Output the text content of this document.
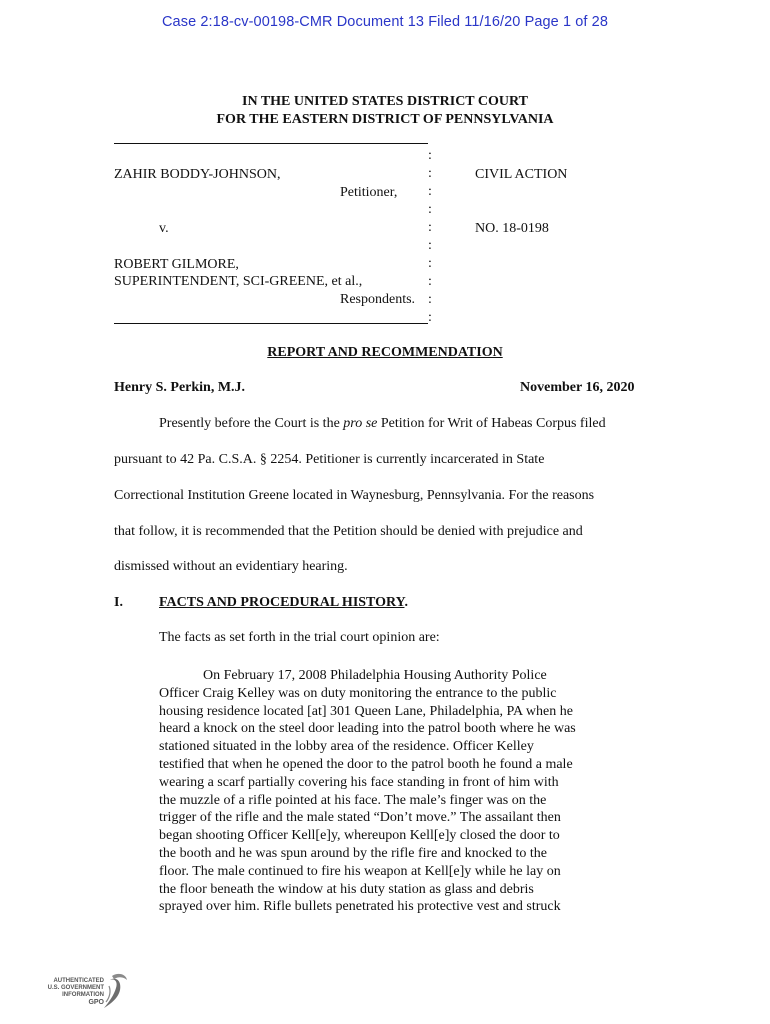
Case 2:18-cv-00198-CMR Document 13 Filed 11/16/20 Page 1 of 28
IN THE UNITED STATES DISTRICT COURT
FOR THE EASTERN DISTRICT OF PENNSYLVANIA
:
:
:
:
:
:
:
:
:
:
ZAHIR BODDY-JOHNSON,
Petitioner,
v.
ROBERT GILMORE,
SUPERINTENDENT, SCI-GREENE, et al.,
Respondents.
CIVIL ACTION
NO. 18-0198
REPORT AND RECOMMENDATION
Henry S. Perkin, M.J.	November 16, 2020
Presently before the Court is the pro se Petition for Writ of Habeas Corpus filed
pursuant to 42 Pa. C.S.A. § 2254. Petitioner is currently incarcerated in State
Correctional Institution Greene located in Waynesburg, Pennsylvania. For the reasons
that follow, it is recommended that the Petition should be denied with prejudice and
dismissed without an evidentiary hearing.
I.	FACTS AND PROCEDURAL HISTORY.
The facts as set forth in the trial court opinion are:

On February 17, 2008 Philadelphia Housing Authority Police

Officer Craig Kelley was on duty monitoring the entrance to the public

housing residence located [at] 301 Queen Lane, Philadelphia, PA when he

heard a knock on the steel door leading into the patrol booth where he was

stationed situated in the lobby area of the residence. Officer Kelley

testified that when he opened the door to the patrol booth he found a male

wearing a scarf partially covering his face standing in front of him with

the muzzle of a rifle pointed at his face. The male’s finger was on the

trigger of the rifle and the male stated “Don’t move.” The assailant then

began shooting Officer Kell[e]y, whereupon Kell[e]y closed the door to

the booth and he was spun around by the rifle fire and knocked to the

floor. The male continued to fire his weapon at Kell[e]y while he lay on

the floor beneath the window at his duty station as glass and debris

sprayed over him. Rifle bullets penetrated his protective vest and struck

AUTHENTICATED
U.S. GOVERNMENT
INFORMATION
GPO
